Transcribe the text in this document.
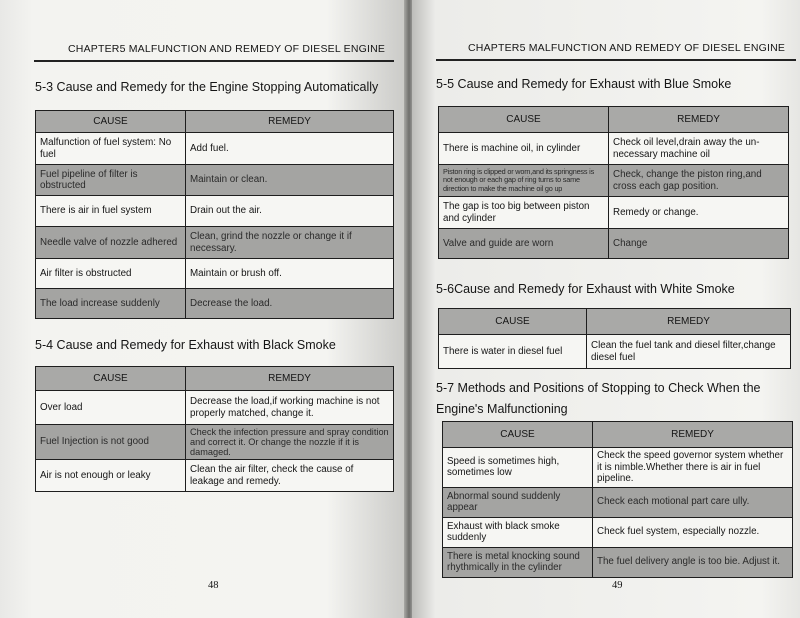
CHAPTER5 MALFUNCTION AND REMEDY OF DIESEL ENGINE
5-3 Cause and Remedy for the Engine Stopping Automatically
CAUSE	REMEDY
Malfunction of fuel system: No fuel	Add fuel.
Fuel pipeline of filter is obstructed	Maintain or clean.
There is air in fuel system	Drain out the air.
Needle valve of nozzle adhered	Clean, grind the nozzle or change it if necessary.
Air filter is obstructed	Maintain or brush off.
The load increase suddenly	Decrease the load.
5-4 Cause and Remedy for Exhaust with Black Smoke
CAUSE	REMEDY
Over load	Decrease the load,if working machine is not properly matched, change it.
Fuel Injection is not good	Check the infection pressure and spray condition and correct it. Or change the nozzle if it is damaged.
Air is not enough or leaky	Clean the air filter, check the cause of leakage and remedy.
48
CHAPTER5 MALFUNCTION AND REMEDY OF DIESEL ENGINE
5-5 Cause and Remedy for Exhaust with Blue Smoke
CAUSE	REMEDY
There is machine oil, in cylinder	Check oil level,drain away the un-necessary machine oil
Piston ring is clipped or worn,and its springness is not enough or each gap of ring turns to same direction to make the machine oil go up	Check, change the piston ring,and cross each gap position.
The gap is too big between piston and cylinder	Remedy or change.
Valve and guide are worn	Change
5-6Cause and Remedy for Exhaust with White Smoke
CAUSE	REMEDY
There is water in diesel fuel	Clean the fuel tank and diesel filter,change diesel fuel
5-7 Methods and Positions of Stopping to Check When the Engine's Malfunctioning
CAUSE	REMEDY
Speed is sometimes high, sometimes low	Check the speed governor system whether it is nimble.Whether there is air in fuel pipeline.
Abnormal sound suddenly appear	Check each motional part care ully.
Exhaust with black smoke suddenly	Check fuel system, especially nozzle.
There is metal knocking sound rhythmically in the cylinder	The fuel delivery angle is too bie. Adjust it.
49
